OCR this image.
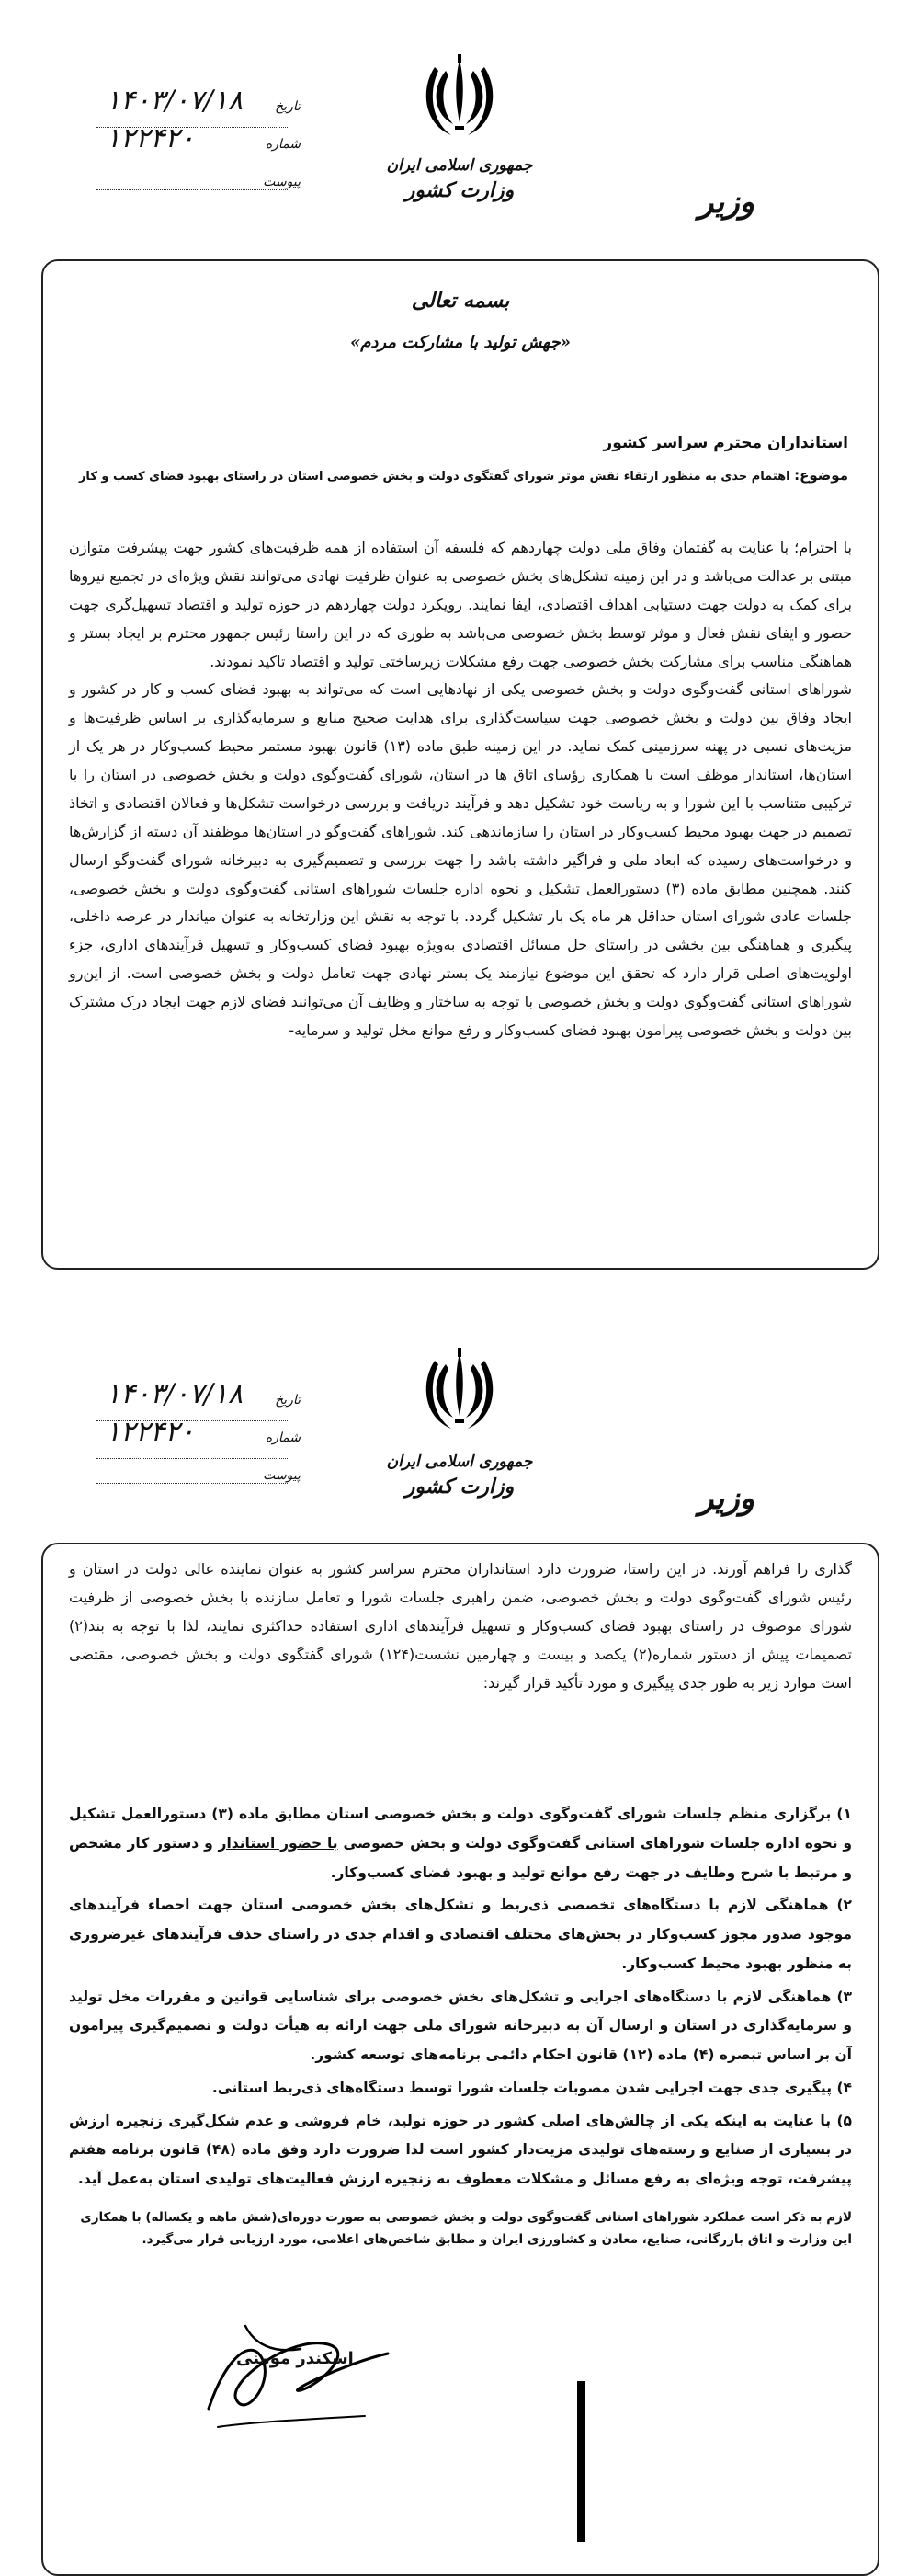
جمهوری اسلامی ایران
وزارت کشور	وزیر
تاریخ
۱۴۰۳/۰۷/۱۸
شماره
۱۲۲۴۲۰
پیوست
بسمه تعالی
«جهش تولید با مشارکت مردم»
استانداران محترم سراسر کشور
موضوع: اهتمام جدی به منظور ارتقاء نقش موثر شورای گفتگوی دولت و بخش خصوصی استان در راستای بهبود فضای کسب و کار

با احترام؛ با عنایت به گفتمان وفاق ملی دولت چهاردهم که فلسفه آن استفاده از همه ظرفیت‌های کشور جهت پیشرفت متوازن مبتنی بر عدالت می‌باشد و در این زمینه تشکل‌های بخش خصوصی به عنوان ظرفیت نهادی می‌توانند نقش ویژه‌ای در تجمیع نیروها برای کمک به دولت جهت دستیابی اهداف اقتصادی، ایفا نمایند. رویکرد دولت چهاردهم در حوزه تولید و اقتصاد تسهیل‌گری جهت حضور و ایفای نقش فعال و موثر توسط بخش خصوصی می‌باشد به طوری که در این راستا رئیس جمهور محترم بر ایجاد بستر و هماهنگی مناسب برای مشارکت بخش خصوصی جهت رفع مشکلات زیرساختی تولید و اقتصاد تاکید نمودند.

شوراهای استانی گفت‌وگوی دولت و بخش خصوصی یکی از نهادهایی است که می‌تواند به بهبود فضای کسب و کار در کشور و ایجاد وفاق بین دولت و بخش خصوصی جهت سیاست‌گذاری برای هدایت صحیح منابع و سرمایه‌گذاری بر اساس ظرفیت‌ها و مزیت‌های نسبی در پهنه سرزمینی کمک نماید. در این زمینه طبق ماده (۱۳) قانون بهبود مستمر محیط کسب‌وکار در هر یک از استان‌ها، استاندار موظف است با همکاری رؤسای اتاق ها در استان، شورای گفت‌وگوی دولت و بخش خصوصی در استان را با ترکیبی متناسب با این شورا و به ریاست خود تشکیل دهد و فرآیند دریافت و بررسی درخواست تشکل‌ها و فعالان اقتصادی و اتخاذ تصمیم در جهت بهبود محیط کسب‌وکار در استان را سازماندهی کند. شوراهای گفت‌وگو در استان‌ها موظفند آن دسته از گزارش‌ها و درخواست‌های رسیده که ابعاد ملی و فراگیر داشته باشد را جهت بررسی و تصمیم‌گیری به دبیرخانه شورای گفت‌وگو ارسال کنند. همچنین مطابق ماده (۳) دستورالعمل تشکیل و نحوه اداره جلسات شوراهای استانی گفت‌وگوی دولت و بخش خصوصی، جلسات عادی شورای استان حداقل هر ماه یک بار تشکیل گردد. با توجه به نقش این وزارتخانه به عنوان میاندار در عرصه داخلی، پیگیری و هماهنگی بین بخشی در راستای حل مسائل اقتصادی به‌ویژه بهبود فضای کسب‌وکار و تسهیل فرآیندهای اداری، جزء اولویت‌های اصلی قرار دارد که تحقق این موضوع نیازمند یک بستر نهادی جهت تعامل دولت و بخش خصوصی است. از این‌رو شوراهای استانی گفت‌وگوی دولت و بخش خصوصی با توجه به ساختار و وظایف آن می‌توانند فضای لازم جهت ایجاد درک مشترک بین دولت و بخش خصوصی پیرامون بهبود فضای کسب‌وکار و رفع موانع مخل تولید و سرمایه-

جمهوری اسلامی ایران
وزارت کشور	وزیر
تاریخ
۱۴۰۳/۰۷/۱۸
شماره
۱۲۲۴۲۰
پیوست

گذاری را فراهم آورند. در این راستا، ضرورت دارد استانداران محترم سراسر کشور به عنوان نماینده عالی دولت در استان و رئیس شورای گفت‌وگوی دولت و بخش خصوصی، ضمن راهبری جلسات شورا و تعامل سازنده با بخش خصوصی از ظرفیت شورای موصوف در راستای بهبود فضای کسب‌وکار و تسهیل فرآیندهای اداری استفاده حداکثری نمایند، لذا با توجه به بند(۲) تصمیمات پیش از دستور شماره(۲) یکصد و بیست و چهارمین نشست(۱۲۴) شورای گفتگوی دولت و بخش خصوصی، مقتضی است موارد زیر به طور جدی پیگیری و مورد تأکید قرار گیرند:

۱) برگزاری منظم جلسات شورای گفت‌وگوی دولت و بخش خصوصی استان مطابق ماده (۳) دستورالعمل تشکیل و نحوه اداره جلسات شوراهای استانی گفت‌وگوی دولت و بخش خصوصی با حضور استاندار و دستور کار مشخص و مرتبط با شرح وظایف در جهت رفع موانع تولید و بهبود فضای کسب‌وکار.

۲) هماهنگی لازم با دستگاه‌های تخصصی ذی‌ربط و تشکل‌های بخش خصوصی استان جهت احصاء فرآیندهای موجود صدور مجوز کسب‌وکار در بخش‌های مختلف اقتصادی و اقدام جدی در راستای حذف فرآیندهای غیرضروری به منظور بهبود محیط کسب‌وکار.

۳) هماهنگی لازم با دستگاه‌های اجرایی و تشکل‌های بخش خصوصی برای شناسایی قوانین و مقررات مخل تولید و سرمایه‌گذاری در استان و ارسال آن به دبیرخانه شورای ملی جهت ارائه به هیأت دولت و تصمیم‌گیری پیرامون آن بر اساس تبصره (۴) ماده (۱۲) قانون احکام دائمی برنامه‌های توسعه کشور.

۴) پیگیری جدی جهت اجرایی شدن مصوبات جلسات شورا توسط دستگاه‌های ذی‌ربط استانی.

۵) با عنایت به اینکه یکی از چالش‌های اصلی کشور در حوزه تولید، خام فروشی و عدم شکل‌گیری زنجیره ارزش در بسیاری از صنایع و رسته‌های تولیدی مزیت‌دار کشور است لذا ضرورت دارد وفق ماده (۴۸) قانون برنامه هفتم پیشرفت، توجه ویژه‌ای به رفع مسائل و مشکلات معطوف به زنجیره ارزش فعالیت‌های تولیدی استان به‌عمل آید.

لازم به ذکر است عملکرد شوراهای استانی گفت‌وگوی دولت و بخش خصوصی به صورت دوره‌ای(شش ماهه و یکساله) با همکاری این وزارت و اتاق بازرگانی، صنایع، معادن و کشاورزی ایران و مطابق شاخص‌های اعلامی، مورد ارزیابی قرار می‌گیرد.
اسکندر مومنی
